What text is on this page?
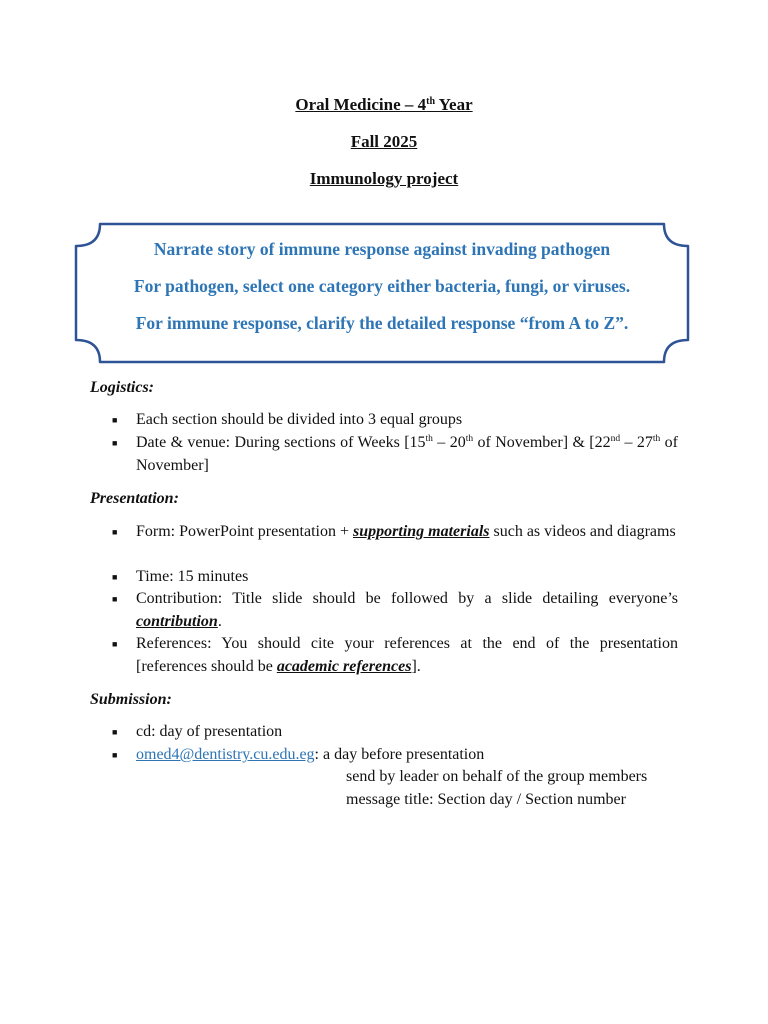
Oral Medicine – 4th Year
Fall 2025
Immunology project
Narrate story of immune response against invading pathogen
For pathogen, select one category either bacteria, fungi, or viruses.
For immune response, clarify the detailed response “from A to Z”.
Logistics:
■ Each section should be divided into 3 equal groups
■ Date & venue: During sections of Weeks [15th – 20th of November] & [22nd – 27th of November]
Presentation:
■ Form: PowerPoint presentation + supporting materials such as videos and diagrams
■ Time: 15 minutes
■ Contribution: Title slide should be followed by a slide detailing everyone’s contribution.
■ References: You should cite your references at the end of the presentation [references should be academic references].
Submission:
■ cd: day of presentation
■ omed4@dentistry.cu.edu.eg: a day before presentation
send by leader on behalf of the group members
message title: Section day / Section number
